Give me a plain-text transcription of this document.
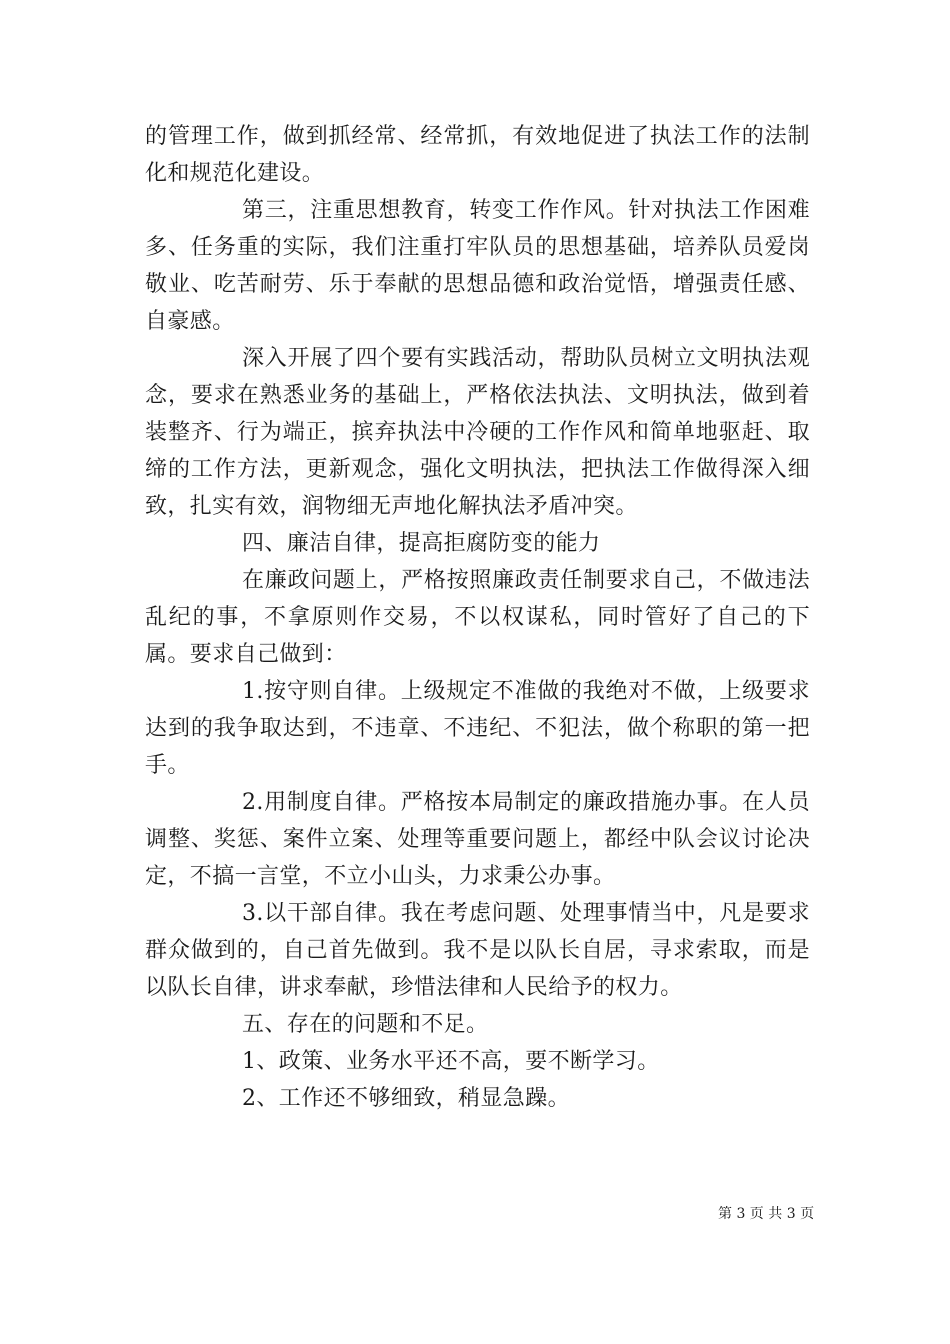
的管理工作，做到抓经常、经常抓，有效地促进了执法工作的法制化和规范化建设。

第三，注重思想教育，转变工作作风。针对执法工作困难多、任务重的实际，我们注重打牢队员的思想基础，培养队员爱岗敬业、吃苦耐劳、乐于奉献的思想品德和政治觉悟，增强责任感、自豪感。

深入开展了四个要有实践活动，帮助队员树立文明执法观念，要求在熟悉业务的基础上，严格依法执法、文明执法，做到着装整齐、行为端正，摈弃执法中冷硬的工作作风和简单地驱赶、取缔的工作方法，更新观念，强化文明执法，把执法工作做得深入细致，扎实有效，润物细无声地化解执法矛盾冲突。

四、廉洁自律，提高拒腐防变的能力

在廉政问题上，严格按照廉政责任制要求自己，不做违法乱纪的事，不拿原则作交易，不以权谋私，同时管好了自己的下属。要求自己做到：

1.按守则自律。上级规定不准做的我绝对不做，上级要求达到的我争取达到，不违章、不违纪、不犯法，做个称职的第一把手。

2.用制度自律。严格按本局制定的廉政措施办事。在人员调整、奖惩、案件立案、处理等重要问题上，都经中队会议讨论决定，不搞一言堂，不立小山头，力求秉公办事。

3.以干部自律。我在考虑问题、处理事情当中，凡是要求群众做到的，自己首先做到。我不是以队长自居，寻求索取，而是以队长自律，讲求奉献，珍惜法律和人民给予的权力。

五、存在的问题和不足。

1、政策、业务水平还不高，要不断学习。

2、工作还不够细致，稍显急躁。

第 3 页 共 3 页
